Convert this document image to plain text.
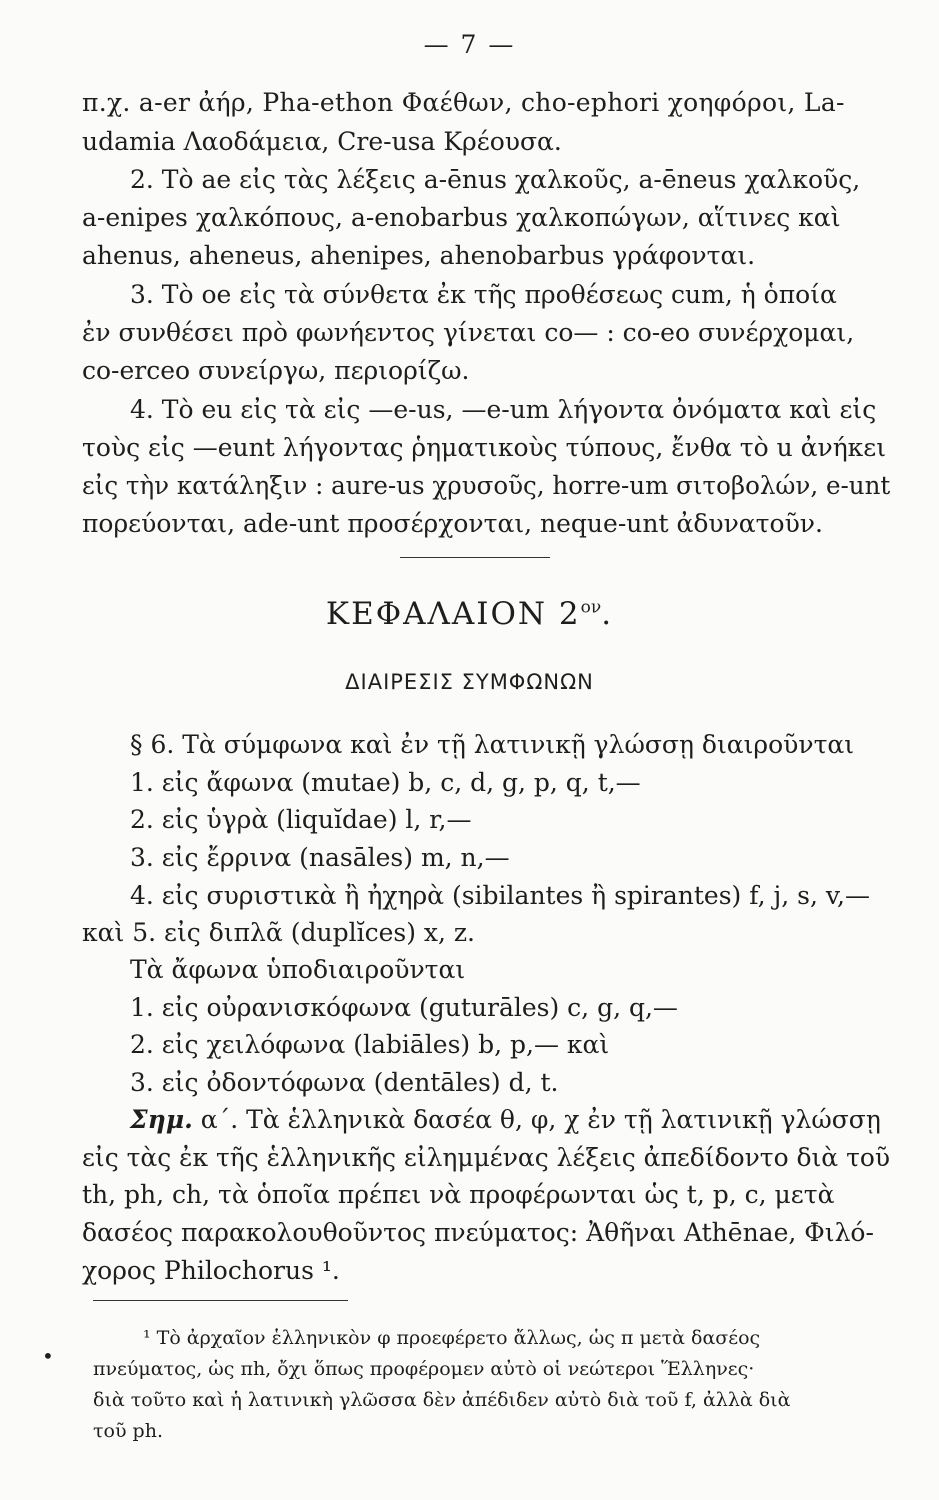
— 7 —
π.χ. a-er ἀήρ, Pha-ethon Φαέθων, cho-ephori χοηφόροι, La-
udamia Λαοδάμεια, Cre-usa Κρέουσα.
2. Τὸ ae εἰς τὰς λέξεις a-ēnus χαλκοῦς, a-ēneus χαλκοῦς,
a-enipes χαλκόπους, a-enobarbus χαλκοπώγων, αἵτινες καὶ
ahenus, aheneus, ahenipes, ahenobarbus γράφονται.
3. Τὸ oe εἰς τὰ σύνθετα ἐκ τῆς προθέσεως cum, ἡ ὁποία
ἐν συνθέσει πρὸ φωνήεντος γίνεται co— : co-eo συνέρχομαι,
co-erceo συνείργω, περιορίζω.
4. Τὸ eu εἰς τὰ εἰς —e-us, —e-um λήγοντα ὀνόματα καὶ εἰς
τοὺς εἰς —eunt λήγοντας ῥηματικοὺς τύπους, ἔνθα τὸ u ἀνήκει
εἰς τὴν κατάληξιν : aure-us χρυσοῦς, horre-um σιτοβολών, e-unt
πορεύονται, ade-unt προσέρχονται, neque-unt ἀδυνατοῦν.
ΚΕΦΑΛΑΙΟΝ $2^{o\nu}$.
ΔΙΑΙΡΕΣΙΣ ΣΥΜΦΩΝΩΝ
§ 6. Τὰ σύμφωνα καὶ ἐν τῇ λατινικῇ γλώσσῃ διαιροῦνται
1. εἰς ἄφωνα (mutae) b, c, d, g, p, q, t,—
2. εἰς ὑγρὰ (liquĭdae) l, r,—
3. εἰς ἔρρινα (nasāles) m, n,—
4. εἰς συριστικὰ ἢ ἠχηρὰ (sibilantes ἢ spirantes) f, j, s, v,—
καὶ 5. εἰς διπλᾶ (duplĭces) x, z.
Τὰ ἄφωνα ὑποδιαιροῦνται
1. εἰς οὐρανισκόφωνα (guturāles) c, g, q,—
2. εἰς χειλόφωνα (labiāles) b, p,— καὶ
3. εἰς ὀδοντόφωνα (dentāles) d, t.
Σημ. α΄. Τὰ ἑλληνικὰ δασέα θ, φ, χ ἐν τῇ λατινικῇ γλώσσῃ
εἰς τὰς ἐκ τῆς ἑλληνικῆς εἰλημμένας λέξεις ἀπεδίδοντο διὰ τοῦ
th, ph, ch, τὰ ὁποῖα πρέπει νὰ προφέρωνται ὡς t, p, c, μετὰ
δασέος παρακολουθοῦντος πνεύματος: Ἀθῆναι Athēnae, Φιλό-
χορος Philochorus ¹.
¹ Τὸ ἀρχαῖον ἑλληνικὸν φ προεφέρετο ἄλλως, ὡς π μετὰ δασέος
•
πνεύματος, ὡς πh, ὄχι ὅπως προφέρομεν αὐτὸ οἱ νεώτεροι Ἕλληνες·
διὰ τοῦτο καὶ ἡ λατινικὴ γλῶσσα δὲν ἀπέδιδεν αὐτὸ διὰ τοῦ f, ἀλλὰ διὰ
τοῦ ph.
